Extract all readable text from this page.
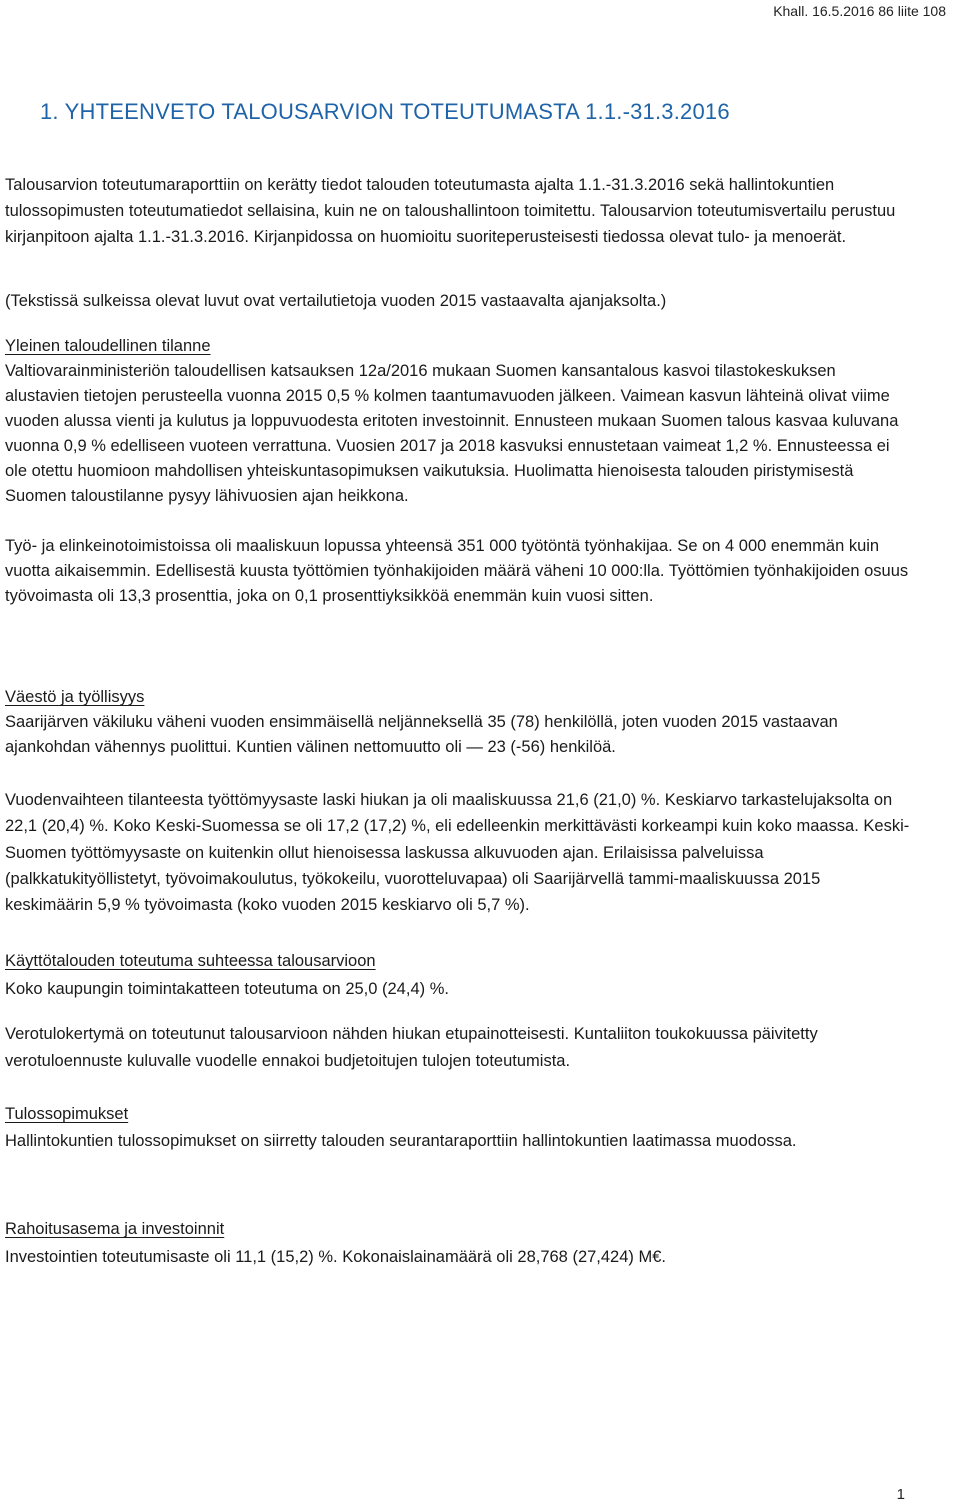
Khall. 16.5.2016 86 liite 108
1. YHTEENVETO TALOUSARVION TOTEUTUMASTA 1.1.-31.3.2016

Talousarvion toteutumaraporttiin on kerätty tiedot talouden toteutumasta ajalta 1.1.-31.3.2016 sekä hallintokuntien tulossopimusten toteutumatiedot sellaisina, kuin ne on taloushallintoon toimitettu. Talousarvion toteutumisvertailu perustuu kirjanpitoon ajalta 1.1.-31.3.2016. Kirjanpidossa on huomioitu suoriteperusteisesti tiedossa olevat tulo- ja menoerät.

(Tekstissä sulkeissa olevat luvut ovat vertailutietoja vuoden 2015 vastaavalta ajanjaksolta.)

Yleinen taloudellinen tilanne

Valtiovarainministeriön taloudellisen katsauksen 12a/2016 mukaan Suomen kansantalous kasvoi tilastokeskuksen alustavien tietojen perusteella vuonna 2015 0,5 % kolmen taantumavuoden jälkeen. Vaimean kasvun lähteinä olivat viime vuoden alussa vienti ja kulutus ja loppuvuodesta eritoten investoinnit. Ennusteen mukaan Suomen talous kasvaa kuluvana vuonna 0,9 % edelliseen vuoteen verrattuna. Vuosien 2017 ja 2018 kasvuksi ennustetaan vaimeat 1,2 %. Ennusteessa ei ole otettu huomioon mahdollisen yhteiskuntasopimuksen vaikutuksia. Huolimatta hienoisesta talouden piristymisestä Suomen taloustilanne pysyy lähivuosien ajan heikkona.

Työ- ja elinkeinotoimistoissa oli maaliskuun lopussa yhteensä 351 000 työtöntä työnhakijaa. Se on 4 000 enemmän kuin vuotta aikaisemmin. Edellisestä kuusta työttömien työnhakijoiden määrä väheni 10 000:lla. Työttömien työnhakijoiden osuus työvoimasta oli 13,3 prosenttia, joka on 0,1 prosenttiyksikköä enemmän kuin vuosi sitten.

Väestö ja työllisyys

Saarijärven väkiluku väheni vuoden ensimmäisellä neljänneksellä 35 (78) henkilöllä, joten vuoden 2015 vastaavan ajankohdan vähennys puolittui. Kuntien välinen nettomuutto oli — 23 (-56) henkilöä.

Vuodenvaihteen tilanteesta työttömyysaste laski hiukan ja oli maaliskuussa 21,6 (21,0) %. Keskiarvo tarkastelujaksolta on 22,1 (20,4) %. Koko Keski-Suomessa se oli 17,2 (17,2) %, eli edelleenkin merkittävästi korkeampi kuin koko maassa. Keski-Suomen työttömyysaste on kuitenkin ollut hienoisessa laskussa alkuvuoden ajan. Erilaisissa palveluissa (palkkatukityöllistetyt, työvoimakoulutus, työkokeilu, vuorotteluvapaa) oli Saarijärvellä tammi-maaliskuussa 2015 keskimäärin 5,9 % työvoimasta (koko vuoden 2015 keskiarvo oli 5,7 %).

Käyttötalouden toteutuma suhteessa talousarvioon

Koko kaupungin toimintakatteen toteutuma on 25,0 (24,4) %.

Verotulokertymä on toteutunut talousarvioon nähden hiukan etupainotteisesti. Kuntaliiton toukokuussa päivitetty verotuloennuste kuluvalle vuodelle ennakoi budjetoitujen tulojen toteutumista.

Tulossopimukset

Hallintokuntien tulossopimukset on siirretty talouden seurantaraporttiin hallintokuntien laatimassa muodossa.

Rahoitusasema ja investoinnit

Investointien toteutumisaste oli 11,1 (15,2) %. Kokonaislainamäärä oli 28,768 (27,424) M€.

1
